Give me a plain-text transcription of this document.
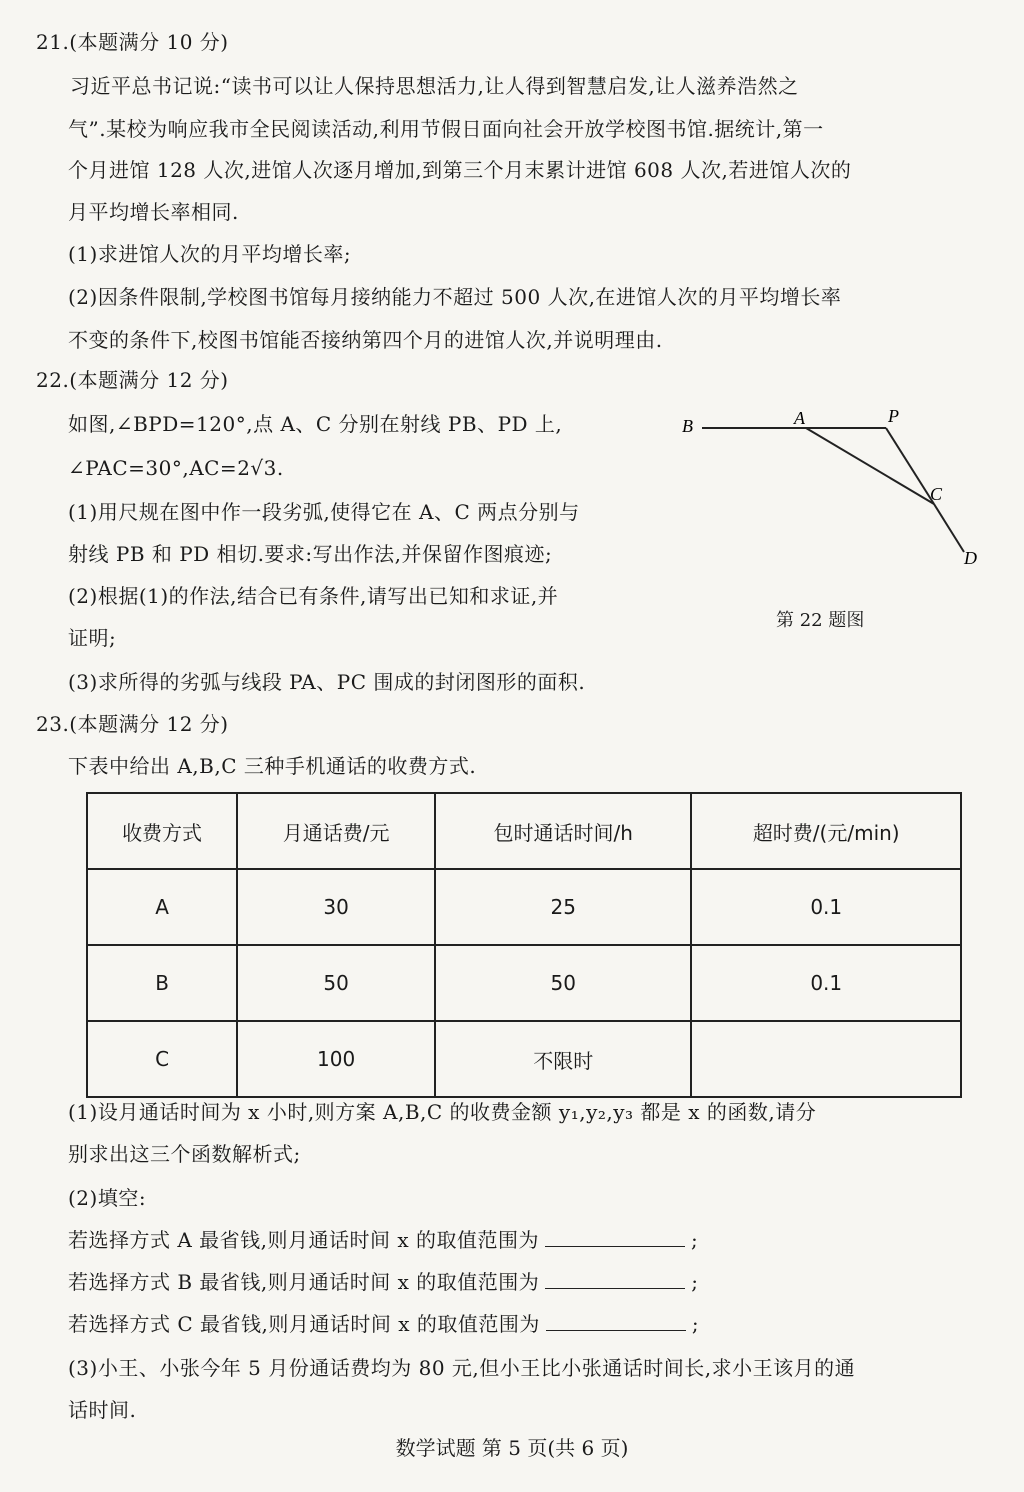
21.(本题满分 10 分)
习近平总书记说:“读书可以让人保持思想活力,让人得到智慧启发,让人滋养浩然之
气”.某校为响应我市全民阅读活动,利用节假日面向社会开放学校图书馆.据统计,第一
个月进馆 128 人次,进馆人次逐月增加,到第三个月末累计进馆 608 人次,若进馆人次的
月平均增长率相同.
(1)求进馆人次的月平均增长率;
(2)因条件限制,学校图书馆每月接纳能力不超过 500 人次,在进馆人次的月平均增长率
不变的条件下,校图书馆能否接纳第四个月的进馆人次,并说明理由.
22.(本题满分 12 分)
如图,∠BPD=120°,点 A、C 分别在射线 PB、PD 上,
∠PAC=30°,AC=2√3.
(1)用尺规在图中作一段劣弧,使得它在 A、C 两点分别与
射线 PB 和 PD 相切.要求:写出作法,并保留作图痕迹;
(2)根据(1)的作法,结合已有条件,请写出已知和求证,并
证明;
(3)求所得的劣弧与线段 PA、PC 围成的封闭图形的面积.
B	A	P
C
D
第 22 题图
23.(本题满分 12 分)
下表中给出 A,B,C 三种手机通话的收费方式.
收费方式	月通话费/元	包时通话时间/h	超时费/(元/min)
A	30	25	0.1
B	50	50	0.1
C	100	不限时	
(1)设月通话时间为 x 小时,则方案 A,B,C 的收费金额 y₁,y₂,y₃ 都是 x 的函数,请分
别求出这三个函数解析式;
(2)填空:
若选择方式 A 最省钱,则月通话时间 x 的取值范围为	;
若选择方式 B 最省钱,则月通话时间 x 的取值范围为	;
若选择方式 C 最省钱,则月通话时间 x 的取值范围为	;
(3)小王、小张今年 5 月份通话费均为 80 元,但小王比小张通话时间长,求小王该月的通
话时间.
数学试题 第 5 页(共 6 页)
